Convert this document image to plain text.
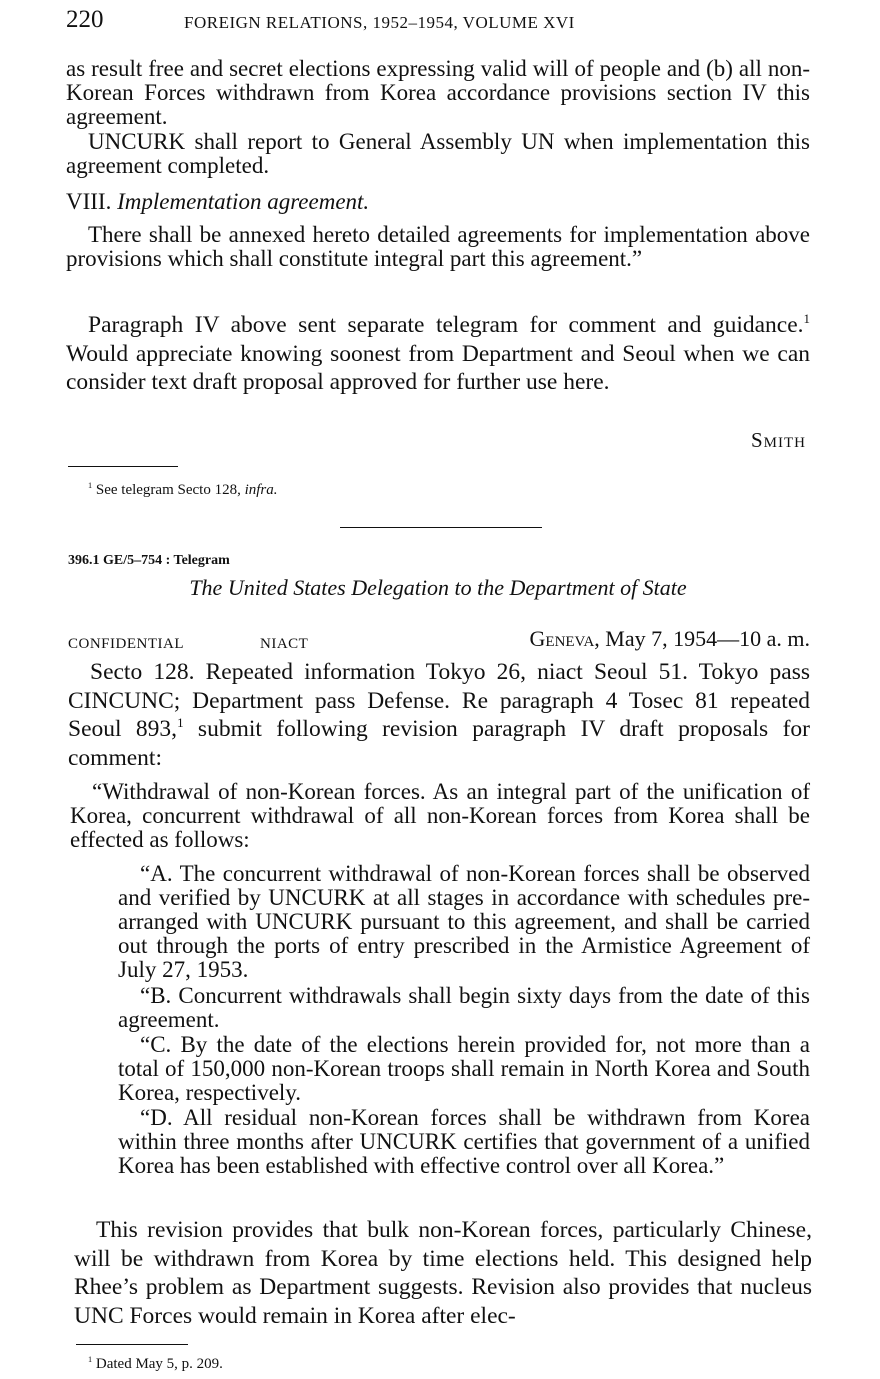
220	FOREIGN RELATIONS, 1952–1954, VOLUME XVI

as result free and secret elections expressing valid will of people and (b) all non-Korean Forces withdrawn from Korea accordance provisions section IV this agreement.

UNCURK shall report to General Assembly UN when implementation this agreement completed.

VIII. Implementation agreement.

There shall be annexed hereto detailed agreements for implementation above provisions which shall constitute integral part this agreement.”

Paragraph IV above sent separate telegram for comment and guidance.$^1$ Would appreciate knowing soonest from Department and Seoul when we can consider text draft proposal approved for further use here.

Smith

$^1$ See telegram Secto 128, infra.

396.1 GE/5–754 : Telegram

The United States Delegation to the Department of State

CONFIDENTIAL	NIACT	Geneva, May 7, 1954—10 a. m.

Secto 128. Repeated information Tokyo 26, niact Seoul 51. Tokyo pass CINCUNC; Department pass Defense. Re paragraph 4 Tosec 81 repeated Seoul 893,$^1$ submit following revision paragraph IV draft proposals for comment:

“Withdrawal of non-Korean forces. As an integral part of the unification of Korea, concurrent withdrawal of all non-Korean forces from Korea shall be effected as follows:

“A. The concurrent withdrawal of non-Korean forces shall be observed and verified by UNCURK at all stages in accordance with schedules pre-arranged with UNCURK pursuant to this agreement, and shall be carried out through the ports of entry prescribed in the Armistice Agreement of July 27, 1953.

“B. Concurrent withdrawals shall begin sixty days from the date of this agreement.

“C. By the date of the elections herein provided for, not more than a total of 150,000 non-Korean troops shall remain in North Korea and South Korea, respectively.

“D. All residual non-Korean forces shall be withdrawn from Korea within three months after UNCURK certifies that government of a unified Korea has been established with effective control over all Korea.”

This revision provides that bulk non-Korean forces, particularly Chinese, will be withdrawn from Korea by time elections held. This designed help Rhee’s problem as Department suggests. Revision also provides that nucleus UNC Forces would remain in Korea after elec-

$^1$ Dated May 5, p. 209.
